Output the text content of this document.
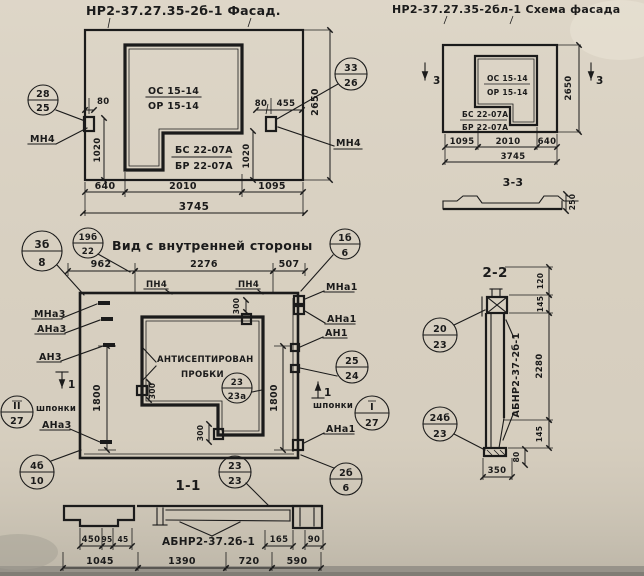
НР2-37.27.35-2б-1 Фасад.
28
25
33
26
МН4	МН4
ОС 15-14
ОР 15-14
БС 22-07А
БР 22-07А
80	80 455
1020	1020
2650
640	2010	1095
3745
НР2-37.27.35-2бл-1 Схема фасада
3	3
ОС 15-14
ОР 15-14
БС 22-07А
БР 22-07А
2650
1095 2010 640
3745
3-3
250
3б
8
19б
22 Вид с внутренней стороны	1б
6
962	2276	507
ПН4	ПН4
АНТИСЕПТИРОВАН
ПРОБКИ
23
23а
300
300
300
1800	1800
МНа3
АНа3
АН3
1
шпонки
АНа3
II
27
МНа1
АНа1
АН1
25
24
1
шпонки I
27
АНа1
4б
10	1-1
23
23
2б
6
АБНР2-37.2б-1
450 95 45	165 90
1045	1390	720	590
2-2
АБНР2-37-2б-1
120
145
2280
145
80
350
20
23
24б
23
